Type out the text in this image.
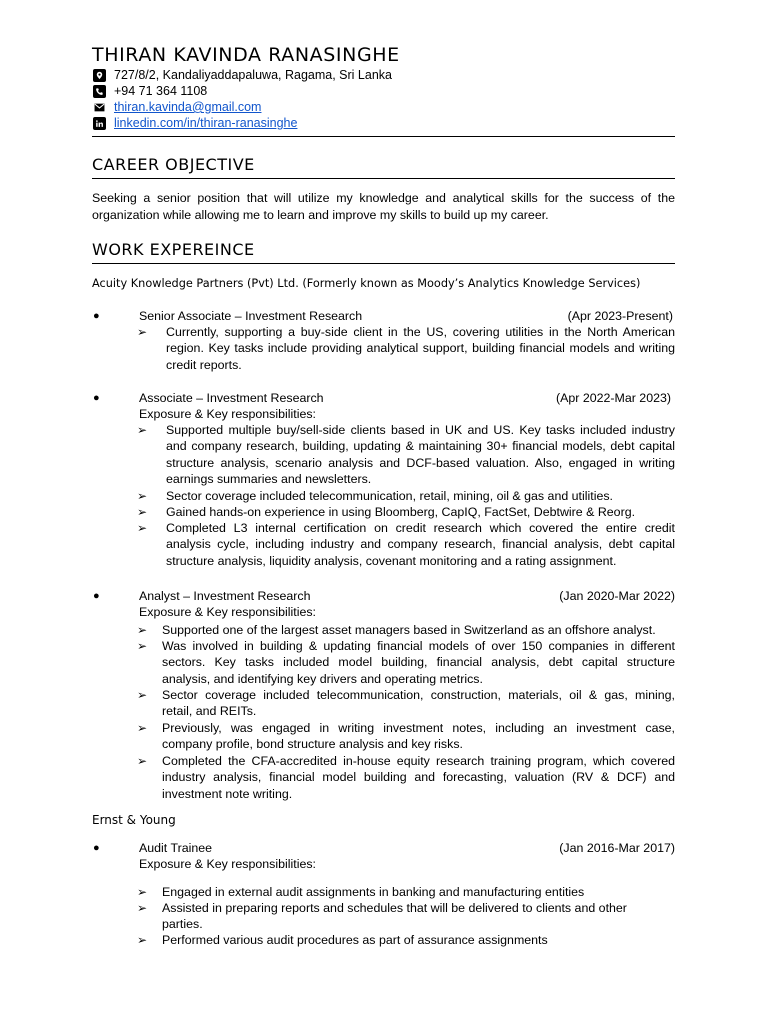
THIRAN KAVINDA RANASINGHE
727/8/2, Kandaliyaddapaluwa, Ragama, Sri Lanka
+94 71 364 1108
thiran.kavinda@gmail.com
linkedin.com/in/thiran-ranasinghe
CAREER OBJECTIVE
Seeking a senior position that will utilize my knowledge and analytical skills for the success of the
organization while allowing me to learn and improve my skills to build up my career.
WORK EXPEREINCE
Acuity Knowledge Partners (Pvt) Ltd. (Formerly known as Moody’s Analytics Knowledge Services)
●	Senior Associate – Investment Research	(Apr 2023-Present)
➢ Currently, supporting a buy-side client in the US, covering utilities in the North American
region. Key tasks include providing analytical support, building financial models and writing
credit reports.
●	Associate – Investment Research	(Apr 2022-Mar 2023)
Exposure & Key responsibilities:
➢ Supported multiple buy/sell-side clients based in UK and US. Key tasks included industry
and company research, building, updating & maintaining 30+ financial models, debt capital
structure analysis, scenario analysis and DCF-based valuation. Also, engaged in writing
earnings summaries and newsletters.
➢ Sector coverage included telecommunication, retail, mining, oil & gas and utilities.
➢ Gained hands-on experience in using Bloomberg, CapIQ, FactSet, Debtwire & Reorg.
➢ Completed L3 internal certification on credit research which covered the entire credit
analysis cycle, including industry and company research, financial analysis, debt capital
structure analysis, liquidity analysis, covenant monitoring and a rating assignment.
●	Analyst – Investment Research	(Jan 2020-Mar 2022)
Exposure & Key responsibilities:
➢ Supported one of the largest asset managers based in Switzerland as an offshore analyst.
➢ Was involved in building & updating financial models of over 150 companies in different
sectors. Key tasks included model building, financial analysis, debt capital structure
analysis, and identifying key drivers and operating metrics.
➢ Sector coverage included telecommunication, construction, materials, oil & gas, mining,
retail, and REITs.
➢ Previously, was engaged in writing investment notes, including an investment case,
company profile, bond structure analysis and key risks.
➢ Completed the CFA-accredited in-house equity research training program, which covered
industry analysis, financial model building and forecasting, valuation (RV & DCF) and
investment note writing.
Ernst & Young
●	Audit Trainee	(Jan 2016-Mar 2017)
Exposure & Key responsibilities:
➢ Engaged in external audit assignments in banking and manufacturing entities
➢ Assisted in preparing reports and schedules that will be delivered to clients and other
parties.
➢ Performed various audit procedures as part of assurance assignments
